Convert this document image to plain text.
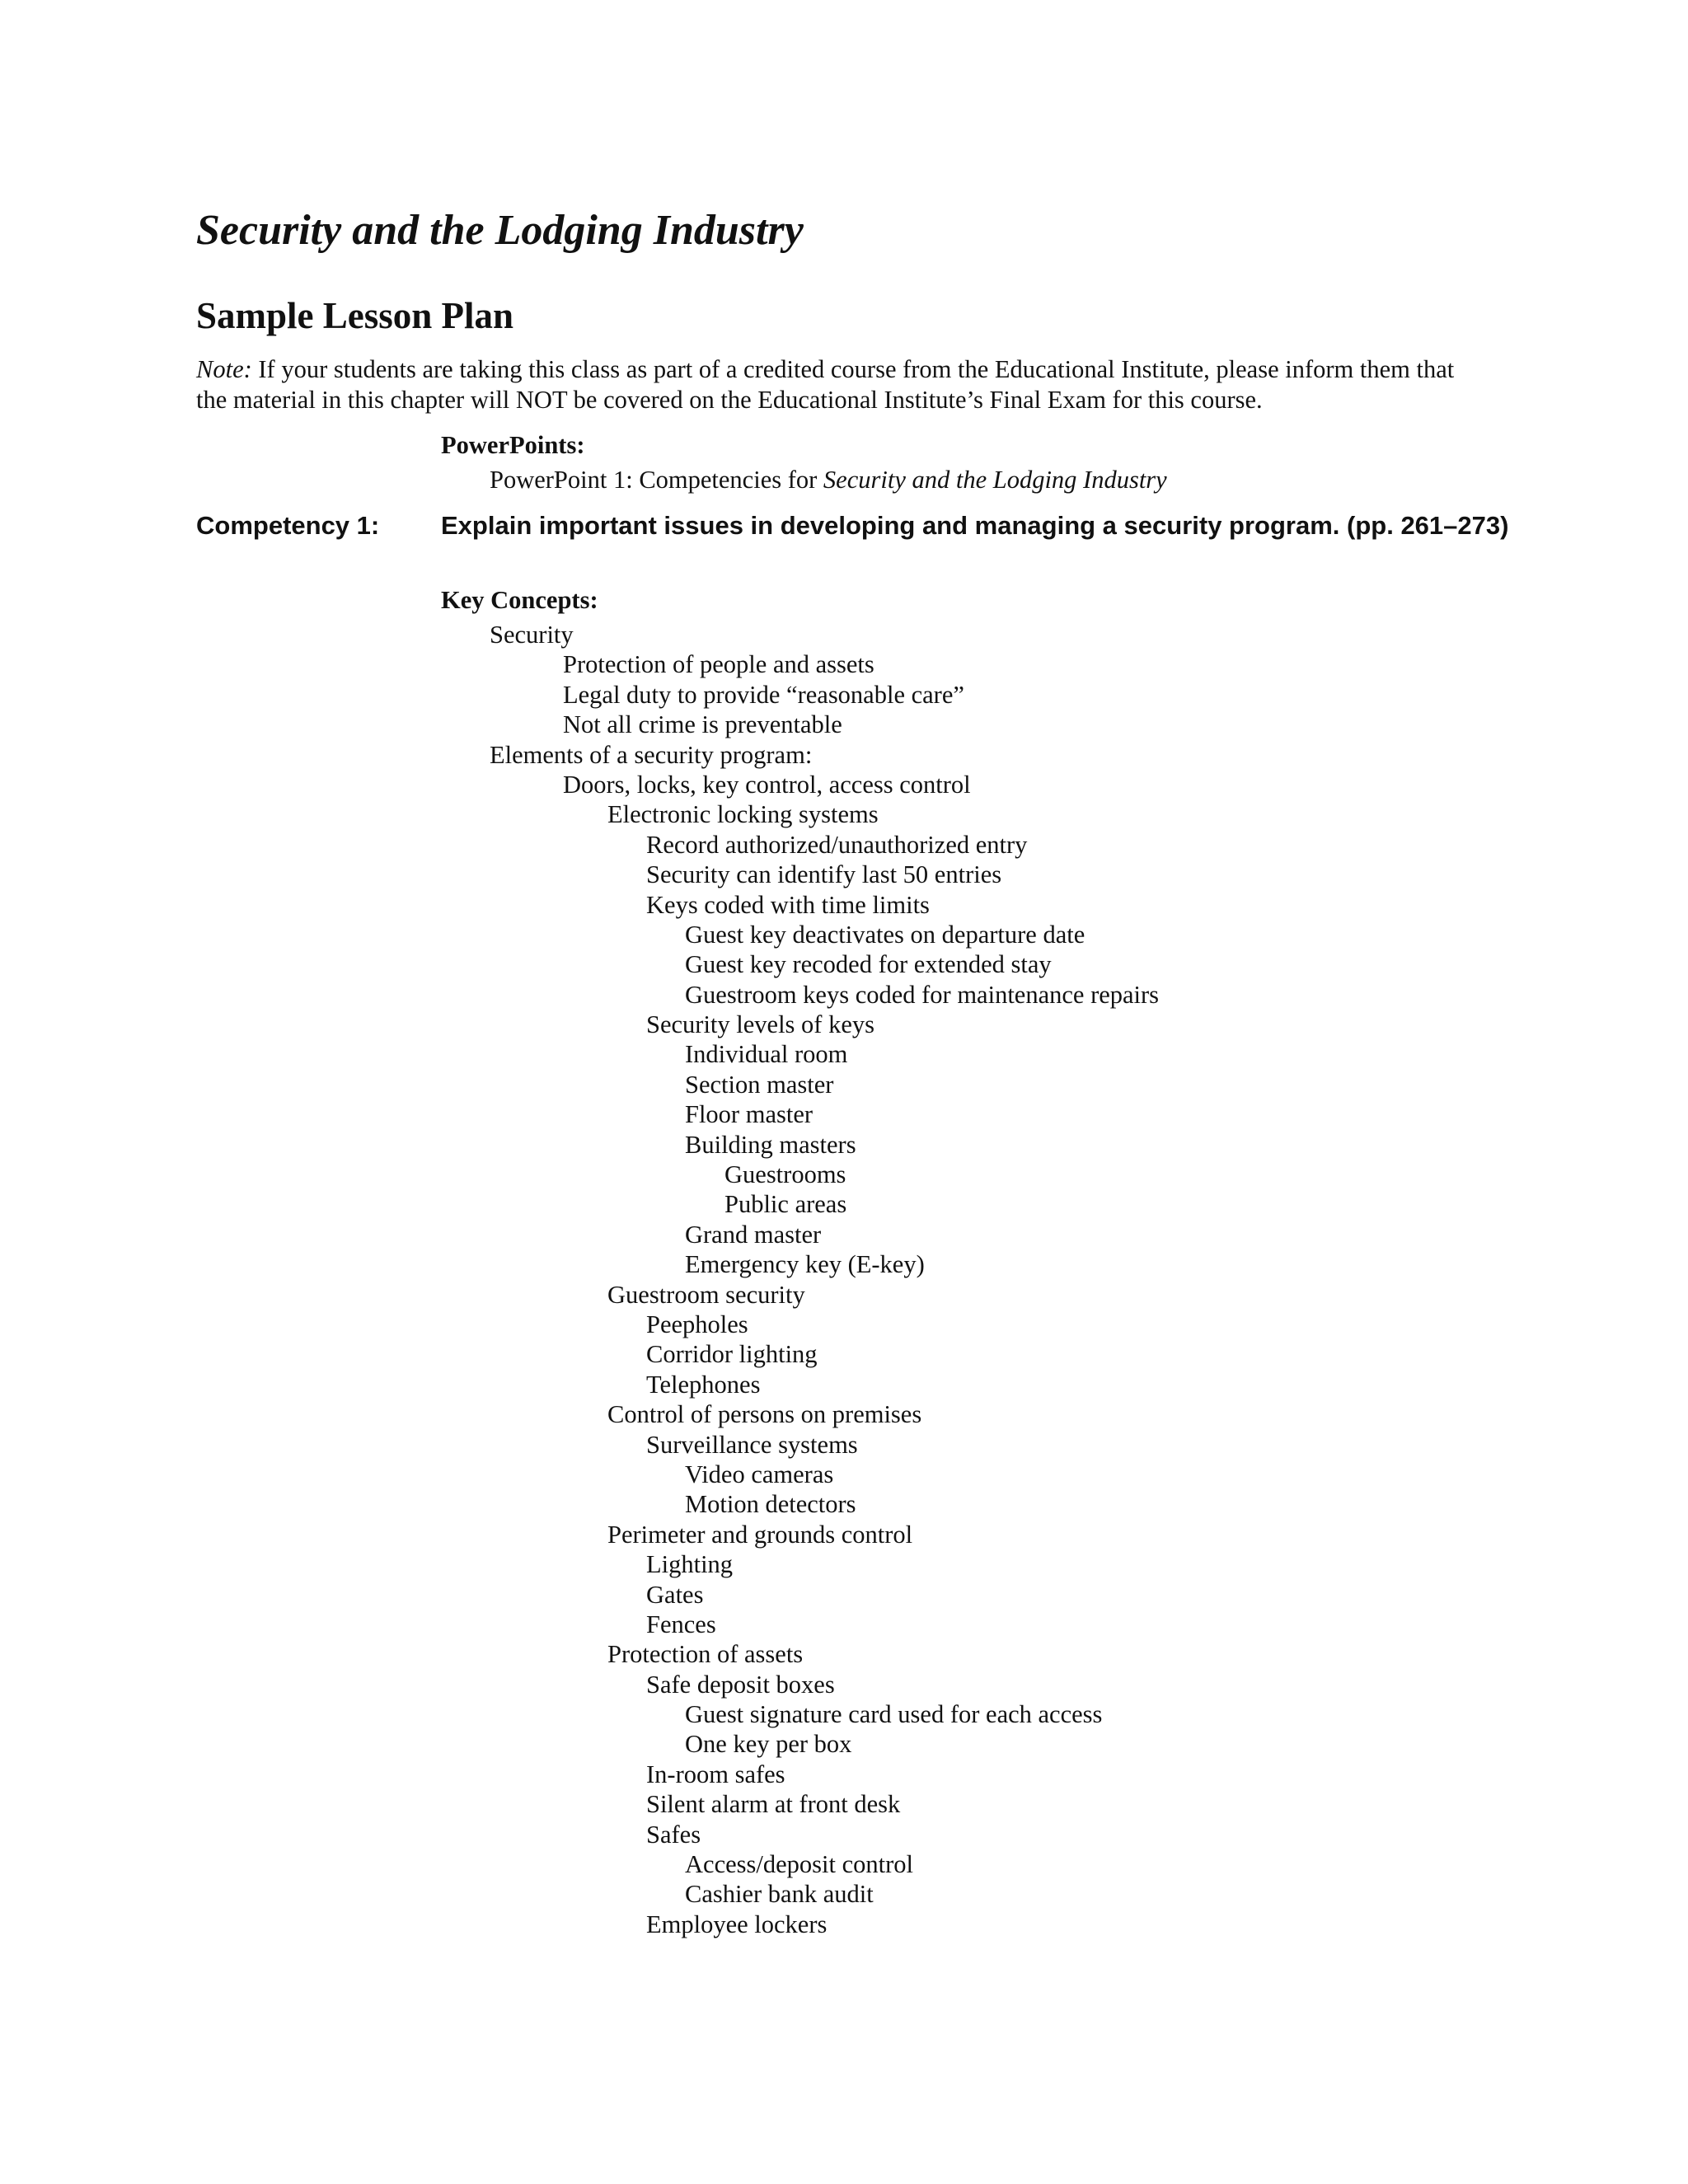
Security and the Lodging Industry
Sample Lesson Plan

Note: If your students are taking this class as part of a credited course from the Educational Institute, please inform them that the material in this chapter will NOT be covered on the Educational Institute’s Final Exam for this course.

PowerPoints:

PowerPoint 1: Competencies for Security and the Lodging Industry

Competency 1: Explain important issues in developing and managing a security program. (pp. 261–273)

Key Concepts:

Security
Protection of people and assets
Legal duty to provide “reasonable care”
Not all crime is preventable
Elements of a security program:
Doors, locks, key control, access control
Electronic locking systems
Record authorized/unauthorized entry
Security can identify last 50 entries
Keys coded with time limits
Guest key deactivates on departure date
Guest key recoded for extended stay
Guestroom keys coded for maintenance repairs
Security levels of keys
Individual room
Section master
Floor master
Building masters
Guestrooms
Public areas
Grand master
Emergency key (E-key)
Guestroom security
Peepholes
Corridor lighting
Telephones
Control of persons on premises
Surveillance systems
Video cameras
Motion detectors
Perimeter and grounds control
Lighting
Gates
Fences
Protection of assets
Safe deposit boxes
Guest signature card used for each access
One key per box
In-room safes
Silent alarm at front desk
Safes
Access/deposit control
Cashier bank audit
Employee lockers
